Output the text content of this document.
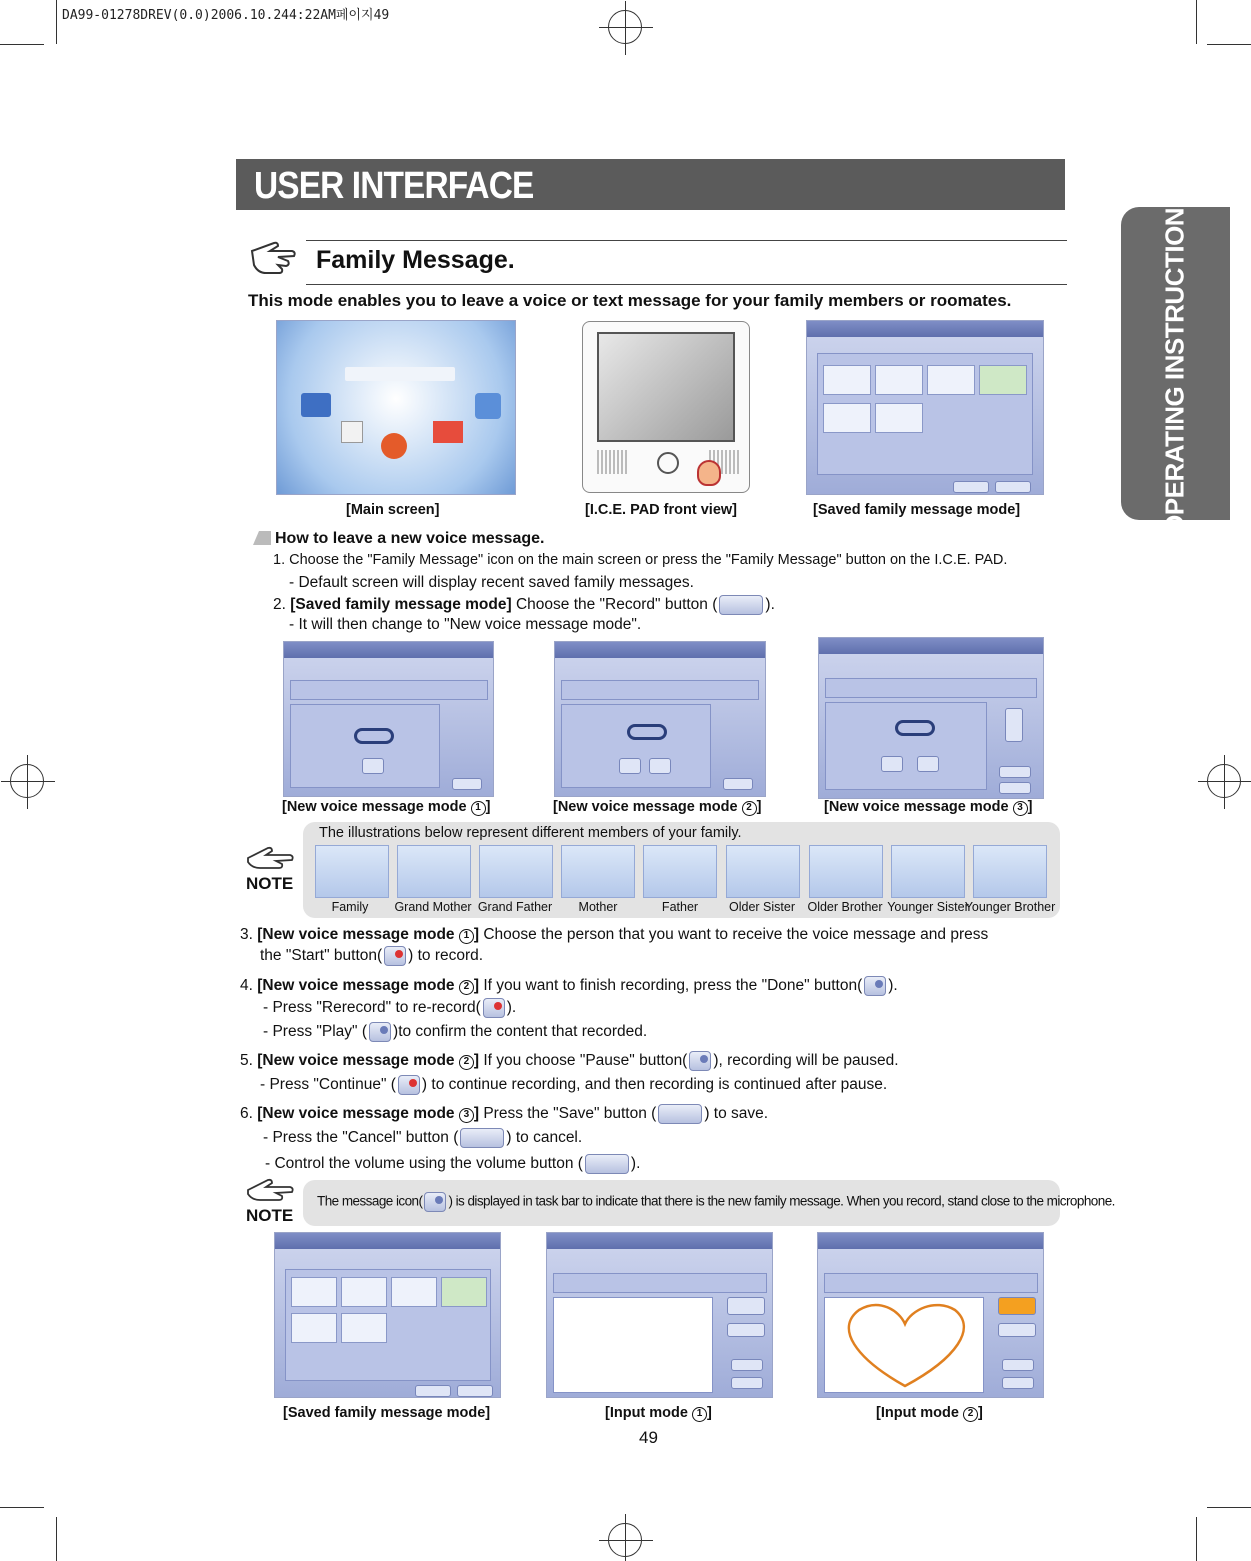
DA99-01278DREV(0.0)2006.10.244:22AM페이지49
USER INTERFACE
OPERATING INSTRUCTIONS
Family Message.
This mode enables you to leave a voice or text message for your family members or roomates.
[Main screen]	[I.C.E. PAD front view]	[Saved family message mode]
How to leave a new voice message.
1. Choose the "Family Message" icon on the main screen or press the "Family Message" button on the I.C.E. PAD.
- Default screen will display recent saved family messages.
2. [Saved family message mode] Choose the "Record" button (	).
- It will then change to "New voice message mode".
[New voice message mode 1 ]	[New voice message mode 2 ]	[New voice message mode 3 ]
NOTE
The illustrations below represent different members of your family.
Family Grand Mother Grand Father Mother	Father Older Sister Older Brother Younger Sister
Younger Brother
3. [New voice message mode 1 ] Choose the person that you want to receive the voice message and press
the "Start" button( ) to record.
4. [New voice message mode 2 ] If you want to finish recording, press the "Done" button( ).
- Press "Rerecord" to re-record( ).
- Press "Play" ( )to confirm the content that recorded.
5. [New voice message mode 2 ] If you choose "Pause" button( ), recording will be paused.
- Press "Continue" ( ) to continue recording, and then recording is continued after pause.
6. [New voice message mode 3 ] Press the "Save" button (	) to save.
- Press the "Cancel" button (	) to cancel.
- Control the volume using the volume button (	).
NOTE
The message icon( ) is displayed in task bar to indicate that there is the new family message. When you record, stand close to the microphone.
[Saved family message mode]	[Input mode 1 ]	[Input mode 2 ]
49
